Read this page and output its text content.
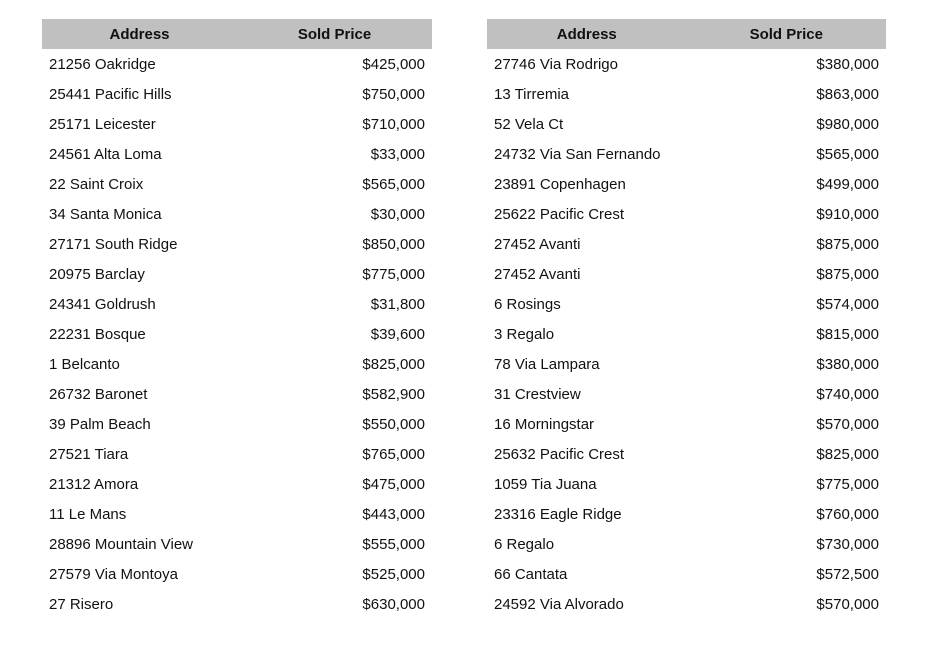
Address	Sold Price
21256 Oakridge	$425,000
25441 Pacific Hills	$750,000
25171 Leicester	$710,000
24561 Alta Loma	$33,000
22 Saint Croix	$565,000
34 Santa Monica	$30,000
27171 South Ridge	$850,000
20975 Barclay	$775,000
24341 Goldrush	$31,800
22231 Bosque	$39,600
1 Belcanto	$825,000
26732 Baronet	$582,900
39 Palm Beach	$550,000
27521 Tiara	$765,000
21312 Amora	$475,000
11 Le Mans	$443,000
28896 Mountain View	$555,000
27579 Via Montoya	$525,000
27 Risero	$630,000
Address	Sold Price
27746 Via Rodrigo	$380,000
13 Tirremia	$863,000
52 Vela Ct	$980,000
24732 Via San Fernando	$565,000
23891 Copenhagen	$499,000
25622 Pacific Crest	$910,000
27452 Avanti	$875,000
27452 Avanti	$875,000
6 Rosings	$574,000
3 Regalo	$815,000
78 Via Lampara	$380,000
31 Crestview	$740,000
16 Morningstar	$570,000
25632 Pacific Crest	$825,000
1059 Tia Juana	$775,000
23316 Eagle Ridge	$760,000
6 Regalo	$730,000
66 Cantata	$572,500
24592 Via Alvorado	$570,000
